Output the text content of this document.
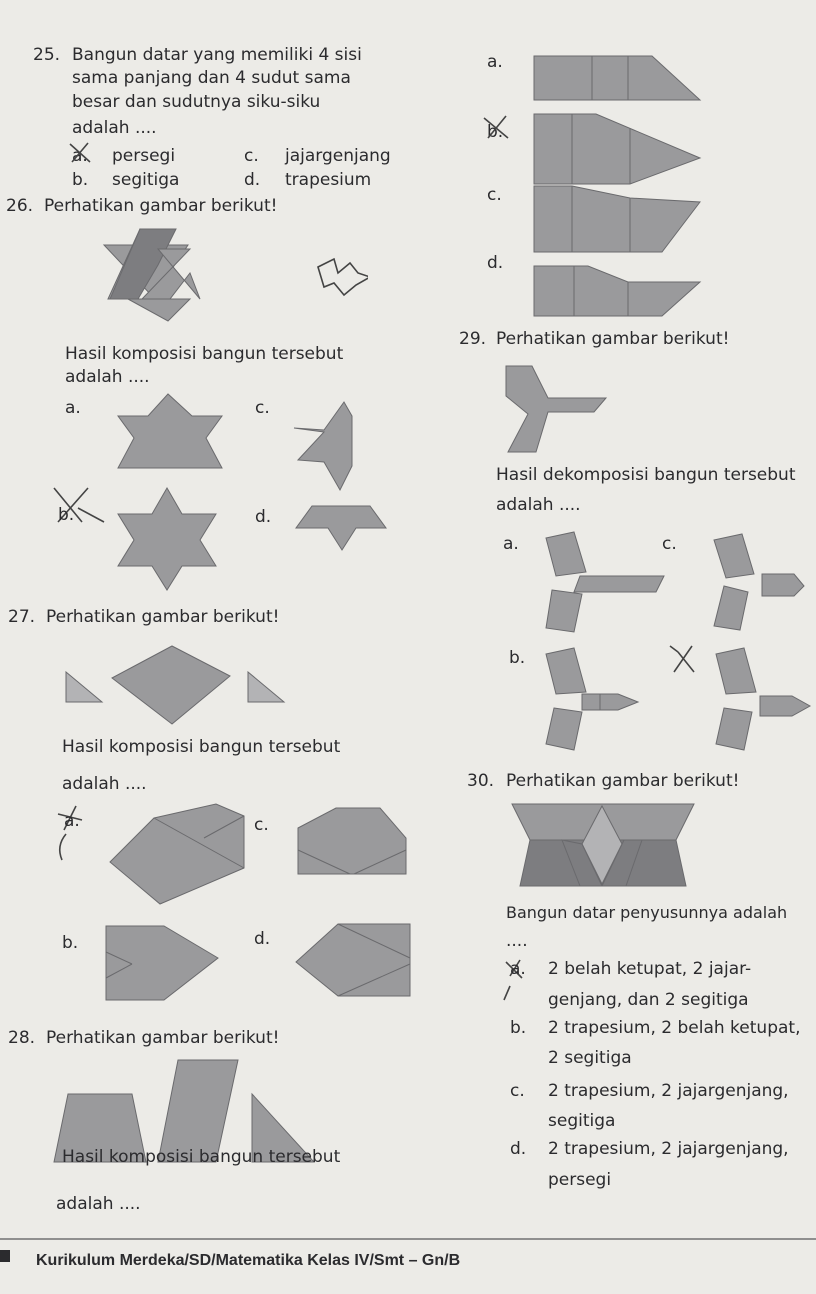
25. Bangun datar yang memiliki 4 sisi
sama panjang dan 4 sudut sama
besar dan sudutnya siku-siku
adalah ....
a. persegi	c. jajargenjang
b. segitiga	d. trapesium
a.
b.
c.
d.
26. Perhatikan gambar berikut!
Hasil komposisi bangun tersebut
adalah ....
a.	c.
b.	d.
29. Perhatikan gambar berikut!
Hasil dekomposisi bangun tersebut
adalah ....
a.	c.
b.
27. Perhatikan gambar berikut!
Hasil komposisi bangun tersebut
adalah ....
a.	c.
b.	d.
30. Perhatikan gambar berikut!
Bangun datar penyusunnya adalah
....
a. 2 belah ketupat, 2 jajar-
genjang, dan 2 segitiga
b. 2 trapesium, 2 belah ketupat,
2 segitiga
c. 2 trapesium, 2 jajargenjang,
segitiga
d. 2 trapesium, 2 jajargenjang,
persegi
28. Perhatikan gambar berikut!
Hasil komposisi bangun tersebut
adalah ....
Kurikulum Merdeka/SD/Matematika Kelas IV/Smt – Gn/B
